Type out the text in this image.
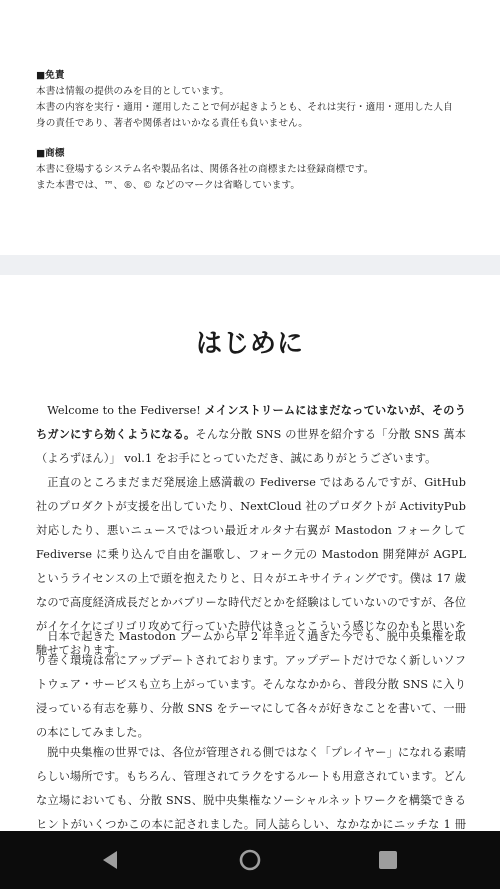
■免責

本書は情報の提供のみを目的としています。

本書の内容を実行・適用・運用したことで何が起きようとも、それは実行・適用・運用した人自

身の責任であり、著者や関係者はいかなる責任も負いません。

■商標

本書に登場するシステム名や製品名は、関係各社の商標または登録商標です。

また本書では、™、®、© などのマークは省略しています。

はじめに

Welcome to the Fediverse! メインストリームにはまだなっていないが、そのうちガンにすら効くようになる。そんな分散 SNS の世界を紹介する「分散 SNS 萬本（よろずほん）」 vol.1 をお手にとっていただき、誠にありがとうございます。

正直のところまだまだ発展途上感満載の Fediverse ではあるんですが、GitHub 社のプロダクトが支援を出していたり、NextCloud 社のプロダクトが ActivityPub 対応したり、悪いニュースではつい最近オルタナ右翼が Mastodon フォークして Fediverse に乗り込んで自由を謳歌し、フォーク元の Mastodon 開発陣が AGPL というライセンスの上で頭を抱えたりと、日々がエキサイティングです。僕は 17 歳なので高度経済成長だとかバブリーな時代だとかを経験はしていないのですが、各位がイケイケにゴリゴリ攻めて行っていた時代はきっとこういう感じなのかもと思いを馳せております。

日本で起きた Mastodon ブームから早 2 年半近く過ぎた今でも、脱中央集権を取り巻く環境は常にアップデートされております。アップデートだけでなく新しいソフトウェア・サービスも立ち上がっています。そんななかから、普段分散 SNS に入り浸っている有志を募り、分散 SNS をテーマにして各々が好きなことを書いて、一冊の本にしてみました。

脱中央集権の世界では、各位が管理される側ではなく「プレイヤー」になれる素晴らしい場所です。もちろん、管理されてラクをするルートも用意されています。どんな立場においても、分散 SNS、脱中央集権なソーシャルネットワークを構築できるヒントがいくつかこの本に記されました。同人誌らしい、なかなかにニッチな 1 冊
